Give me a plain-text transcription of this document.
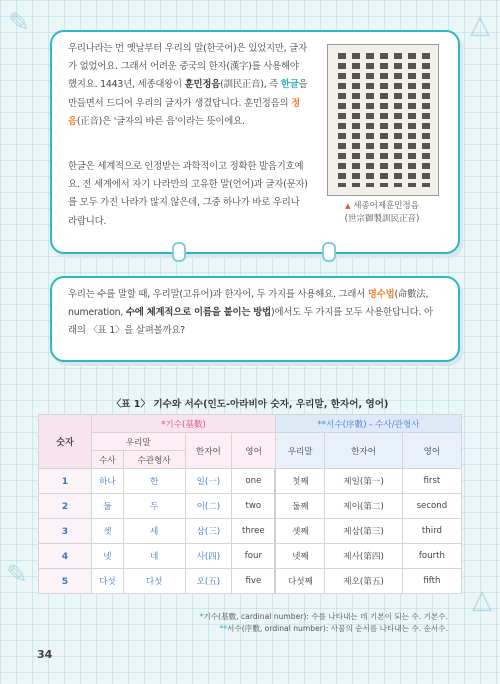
✎	△
✎
△
우리나라는 먼 옛날부터 우리의 말(한국어)은 있었지만, 글자가 없었어요. 그래서 어려운 중국의 한자(漢字)를 사용해야 했지요. 1443년, 세종대왕이 훈민정음(訓民正音), 즉 한글을 만들면서 드디어 우리의 글자가 생겼답니다. 훈민정음의 정음(正音)은 '글자의 바른 음'이라는 뜻이에요.
한글은 세계적으로 인정받는 과학적이고 정확한 발음기호예요. 전 세계에서 자기 나라만의 고유한 말(언어)과 글자(문자)를 모두 가진 나라가 많지 않은데, 그중 하나가 바로 우리나라랍니다.
▲ 세종어제훈민정음
(世宗御製訓民正音)
우리는 수를 말할 때, 우리말(고유어)과 한자어, 두 가지를 사용해요. 그래서 명수법(命數法, numeration, 수에 체계적으로 이름을 붙이는 방법)에서도 두 가지를 모두 사용한답니다. 아래의 〈표 1〉을 살펴볼까요?
〈표 1〉 기수와 서수(인도-아라비아 숫자, 우리말, 한자어, 영어)
숫자	*기수(基數)				**서수(序數) - 수사/관형사		
	우리말		한자어	영어	우리말	한자어	영어
	수사	수관형사					
1	하나	한	일(一)	one	첫째	제일(第一)	first
2	둘	두	이(二)	two	둘째	제이(第二)	second
3	셋	세	삼(三)	three	셋째	제삼(第三)	third
4	넷	네	사(四)	four	넷째	제사(第四)	fourth
5	다섯	다섯	오(五)	five	다섯째	제오(第五)	fifth
*기수(基數, cardinal number): 수를 나타내는 데 기본이 되는 수. 기본수.
**서수(序數, ordinal number): 사물의 순서를 나타내는 수. 순서수.
34
